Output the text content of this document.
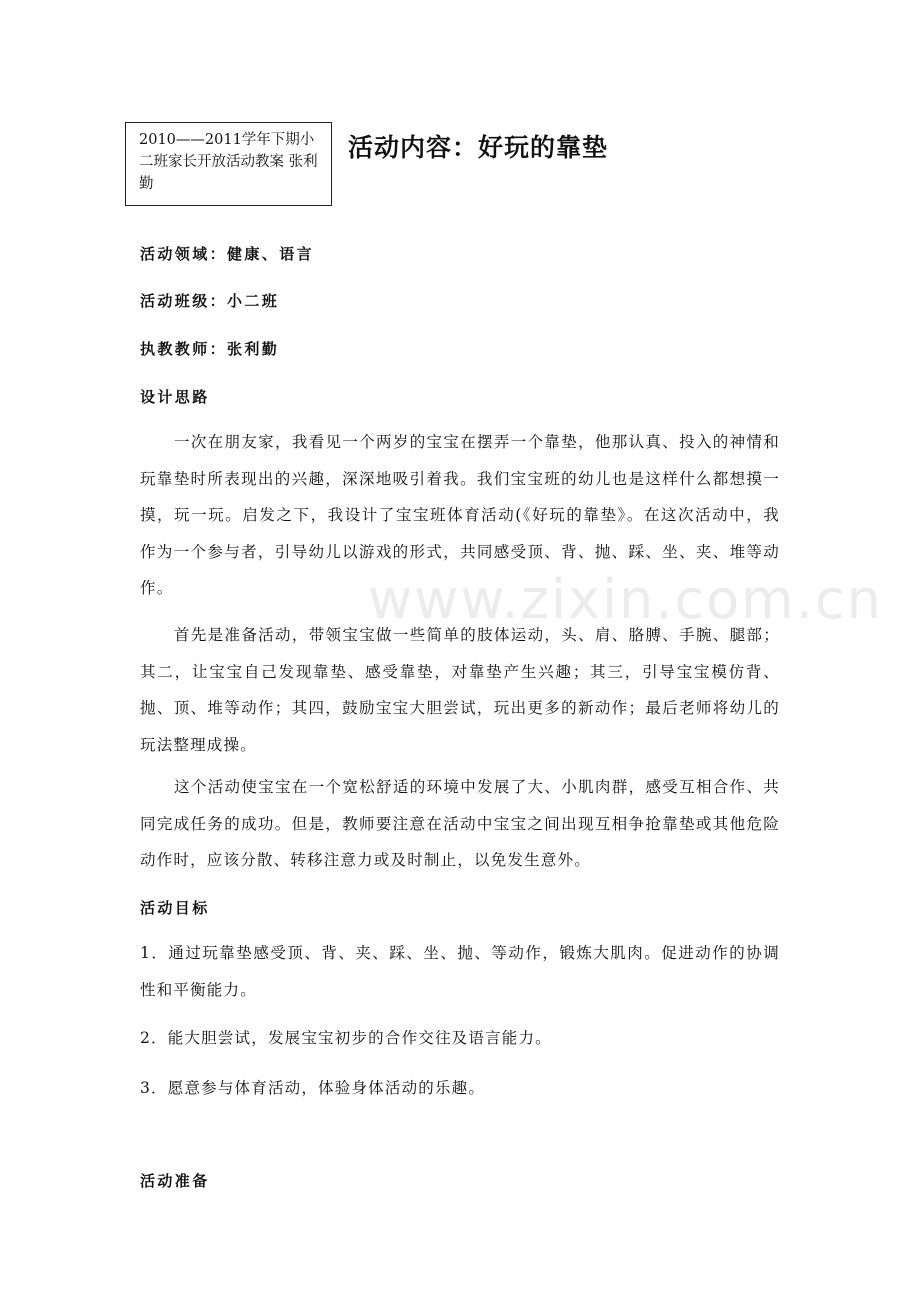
2010——2011学年下期小二班家长开放活动教案 张利勤
活动内容：好玩的靠垫
活动领域：健康、语言
活动班级：小二班
执教教师：张利勤
设计思路
一次在朋友家，我看见一个两岁的宝宝在摆弄一个靠垫，他那认真、投入的神情和玩靠垫时所表现出的兴趣，深深地吸引着我。我们宝宝班的幼儿也是这样什么都想摸一摸，玩一玩。启发之下，我设计了宝宝班体育活动(《好玩的靠垫》。在这次活动中，我作为一个参与者，引导幼儿以游戏的形式，共同感受顶、背、抛、踩、坐、夹、堆等动作。
首先是准备活动，带领宝宝做一些简单的肢体运动，头、肩、胳膊、手腕、腿部；其二，让宝宝自己发现靠垫、感受靠垫，对靠垫产生兴趣；其三，引导宝宝模仿背、抛、顶、堆等动作；其四，鼓励宝宝大胆尝试，玩出更多的新动作；最后老师将幼儿的玩法整理成操。
这个活动使宝宝在一个宽松舒适的环境中发展了大、小肌肉群，感受互相合作、共同完成任务的成功。但是，教师要注意在活动中宝宝之间出现互相争抢靠垫或其他危险动作时，应该分散、转移注意力或及时制止，以免发生意外。
活动目标
1．通过玩靠垫感受顶、背、夹、踩、坐、抛、等动作，锻炼大肌肉。促进动作的协调性和平衡能力。
2．能大胆尝试，发展宝宝初步的合作交往及语言能力。
3．愿意参与体育活动，体验身体活动的乐趣。
活动准备
www.zixin.com.cn
